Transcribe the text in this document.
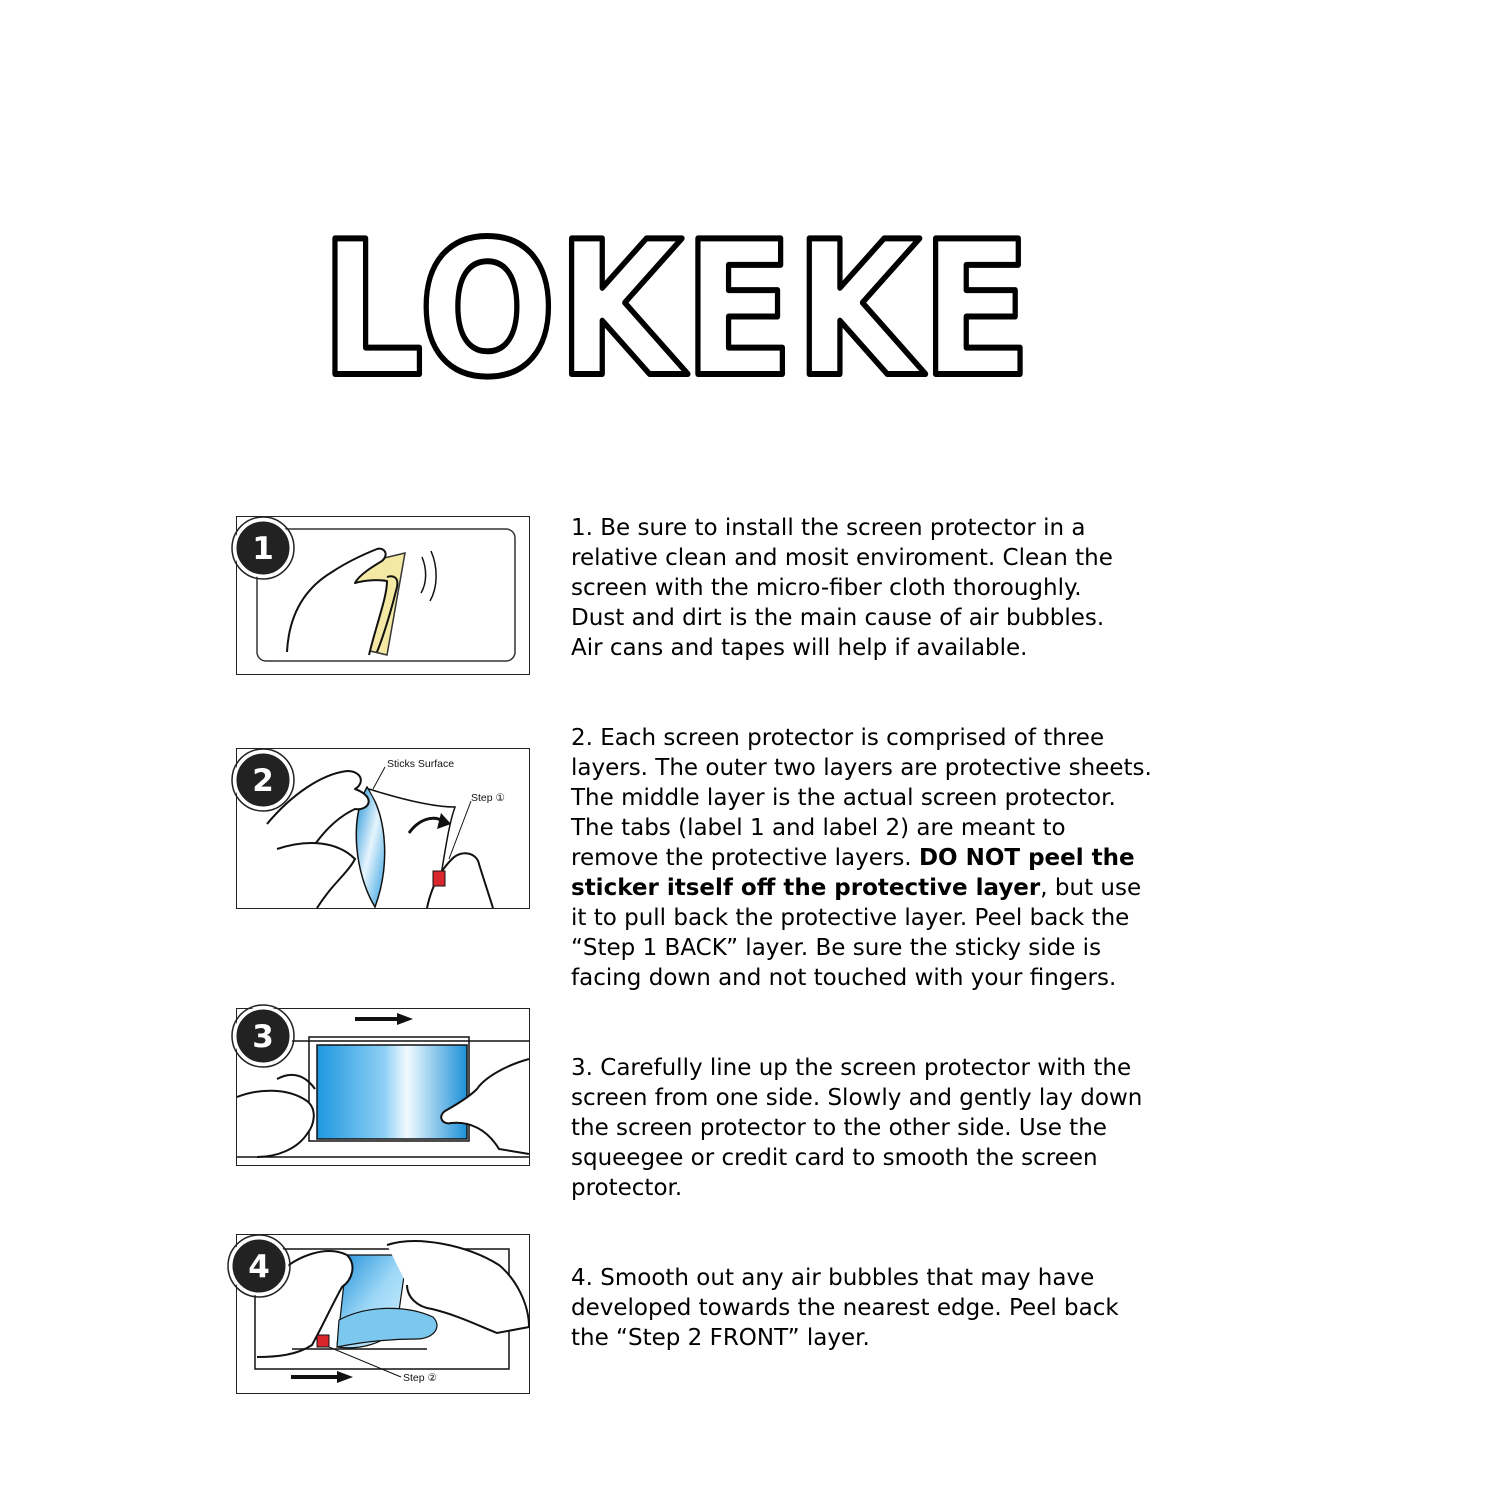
LOKEKE
1

1. Be sure to install the screen protector in a

relative clean and mosit enviroment. Clean the

screen with the micro-fiber cloth thoroughly.

Dust and dirt is the main cause of air bubbles.

Air cans and tapes will help if available.

Sticks Surface
Step ①
2

2. Each screen protector is comprised of three

layers. The outer two layers are protective sheets.

The middle layer is the actual screen protector.

The tabs (label 1 and label 2) are meant to

remove the protective layers. DO NOT peel the

sticker itself off the protective layer, but use

it to pull back the protective layer. Peel back the

“Step 1 BACK” layer. Be sure the sticky side is

facing down and not touched with your fingers.

3

3. Carefully line up the screen protector with the

screen from one side. Slowly and gently lay down

the screen protector to the other side. Use the

squeegee or credit card to smooth the screen

protector.

Step ②
4	4. Smooth out any air bubbles that may have

developed towards the nearest edge. Peel back

the “Step 2 FRONT” layer.
